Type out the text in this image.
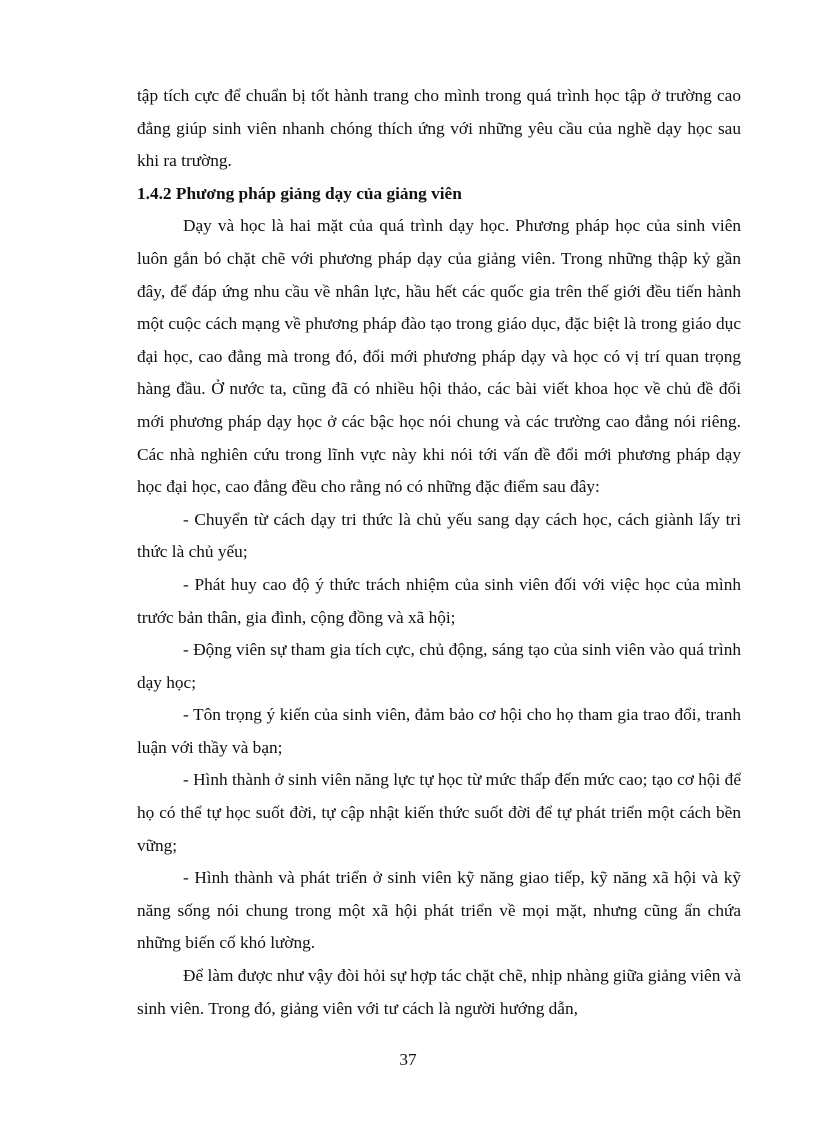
tập tích cực để chuẩn bị tốt hành trang cho mình trong quá trình học tập ở trường cao đẳng giúp sinh viên nhanh chóng thích ứng với những yêu cầu của nghề dạy học sau khi ra trường.

1.4.2 Phương pháp giảng dạy của giảng viên

Dạy và học là hai mặt của quá trình dạy học. Phương pháp học của sinh viên luôn gắn bó chặt chẽ với phương pháp dạy của giảng viên. Trong những thập kỷ gần đây, để đáp ứng nhu cầu về nhân lực, hầu hết các quốc gia trên thế giới đều tiến hành một cuộc cách mạng về phương pháp đào tạo trong giáo dục, đặc biệt là trong giáo dục đại học, cao đẳng mà trong đó, đổi mới phương pháp dạy và học có vị trí quan trọng hàng đầu. Ở nước ta, cũng đã có nhiều hội thảo, các bài viết khoa học về chủ đề đổi mới phương pháp dạy học ở các bậc học nói chung và các trường cao đẳng nói riêng. Các nhà nghiên cứu trong lĩnh vực này khi nói tới vấn đề đổi mới phương pháp dạy học đại học, cao đẳng đều cho rằng nó có những đặc điểm sau đây:

- Chuyển từ cách dạy tri thức là chủ yếu sang dạy cách học, cách giành lấy tri thức là chủ yếu;

- Phát huy cao độ ý thức trách nhiệm của sinh viên đối với việc học của mình trước bản thân, gia đình, cộng đồng và xã hội;

- Động viên sự tham gia tích cực, chủ động, sáng tạo của sinh viên vào quá trình dạy học;

- Tôn trọng ý kiến của sinh viên, đảm bảo cơ hội cho họ tham gia trao đổi, tranh luận với thầy và bạn;

- Hình thành ở sinh viên năng lực tự học từ mức thấp đến mức cao; tạo cơ hội để họ có thể tự học suốt đời, tự cập nhật kiến thức suốt đời để tự phát triển một cách bền vững;

- Hình thành và phát triển ở sinh viên kỹ năng giao tiếp, kỹ năng xã hội và kỹ năng sống nói chung trong một xã hội phát triển về mọi mặt, nhưng cũng ẩn chứa những biến cố khó lường.

Để làm được như vậy đòi hỏi sự hợp tác chặt chẽ, nhịp nhàng giữa giảng viên và sinh viên. Trong đó, giảng viên với tư cách là người hướng dẫn,

37
